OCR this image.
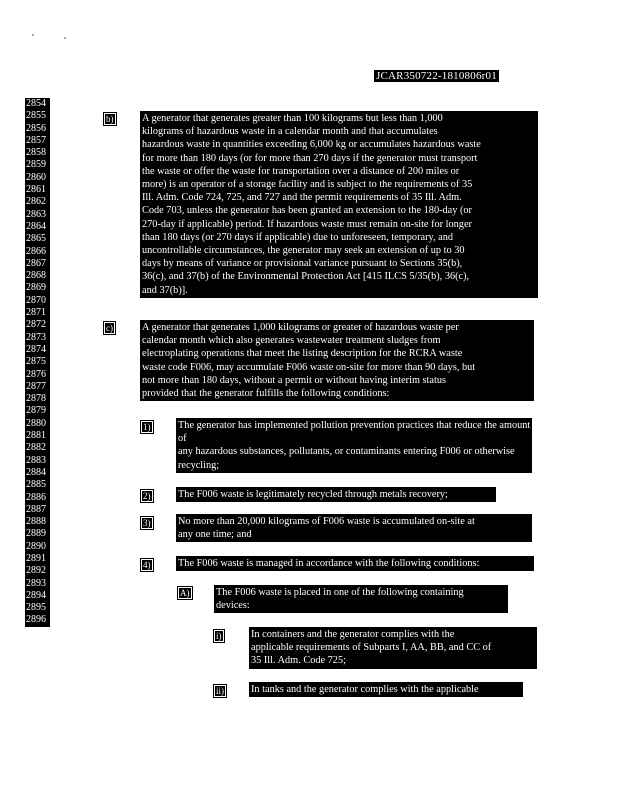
JCAR350722-1810806r01
2854
2855
2856
2857
2858
2859
2860
2861
2862
2863
2864
2865
2866
2867
2868
2869
2870
2871
2872
2873
2874
2875
2876
2877
2878
2879
2880
2881
2882
2883
2884
2885
2886
2887
2888
2889
2890
2891
2892
2893
2894
2895
2896
b)	A generator that generates greater than 100 kilograms but less than 1,000
kilograms of hazardous waste in a calendar month and that accumulates
hazardous waste in quantities exceeding 6,000 kg or accumulates hazardous waste
for more than 180 days (or for more than 270 days if the generator must transport
the waste or offer the waste for transportation over a distance of 200 miles or
more) is an operator of a storage facility and is subject to the requirements of 35
Ill. Adm. Code 724, 725, and 727 and the permit requirements of 35 Ill. Adm.
Code 703, unless the generator has been granted an extension to the 180-day (or
270-day if applicable) period. If hazardous waste must remain on-site for longer
than 180 days (or 270 days if applicable) due to unforeseen, temporary, and
uncontrollable circumstances, the generator may seek an extension of up to 30
days by means of variance or provisional variance pursuant to Sections 35(b),
36(c), and 37(b) of the Environmental Protection Act [415 ILCS 5/35(b), 36(c),
and 37(b)].
c)	A generator that generates 1,000 kilograms or greater of hazardous waste per
calendar month which also generates wastewater treatment sludges from
electroplating operations that meet the listing description for the RCRA waste
waste code F006, may accumulate F006 waste on-site for more than 90 days, but
not more than 180 days, without a permit or without having interim status
provided that the generator fulfills the following conditions:
1)	The generator has implemented pollution prevention practices that reduce the amount
of
any hazardous substances, pollutants, or contaminants entering F006 or otherwise
recycling;
2)	The F006 waste is legitimately recycled through metals recovery;
3)	No more than 20,000 kilograms of F006 waste is accumulated on-site at
any one time; and
4)	The F006 waste is managed in accordance with the following conditions:
A)	The F006 waste is placed in one of the following containing
devices:
i)	In containers and the generator complies with the
applicable requirements of Subparts I, AA, BB, and CC of
35 Ill. Adm. Code 725;
ii)	In tanks and the generator complies with the applicable
